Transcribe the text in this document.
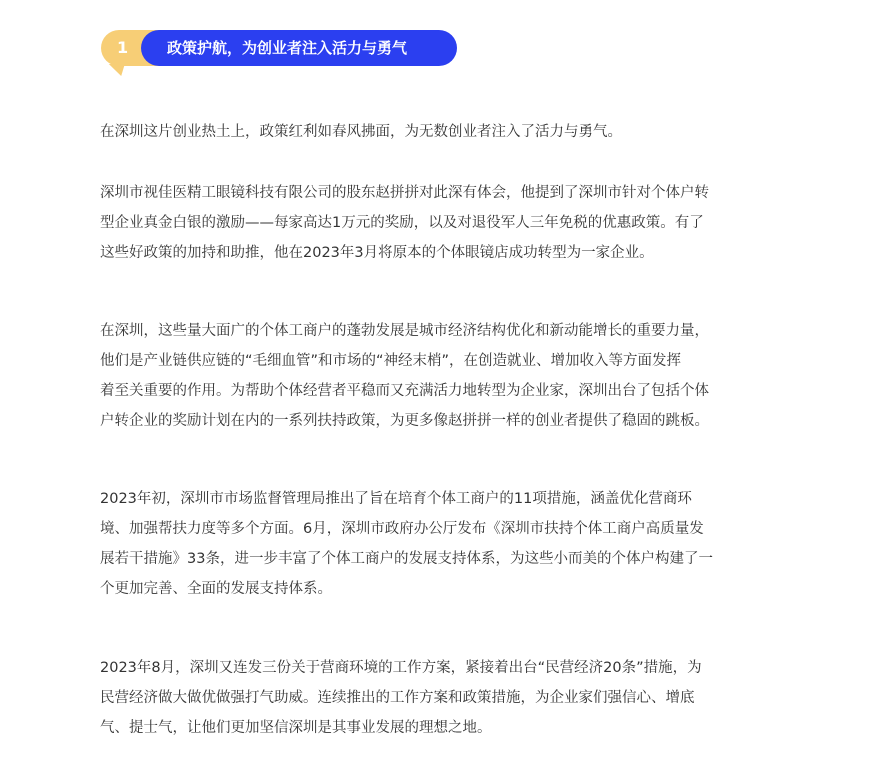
1	政策护航，为创业者注入活力与勇气

在深圳这片创业热土上，政策红利如春风拂面，为无数创业者注入了活力与勇气。

深圳市视佳医精工眼镜科技有限公司的股东赵拼拼对此深有体会，他提到了深圳市针对个体户转
型企业真金白银的激励——每家高达1万元的奖励，以及对退役军人三年免税的优惠政策。有了
这些好政策的加持和助推，他在2023年3月将原本的个体眼镜店成功转型为一家企业。

在深圳，这些量大面广的个体工商户的蓬勃发展是城市经济结构优化和新动能增长的重要力量，
他们是产业链供应链的“毛细血管”和市场的“神经末梢”，在创造就业、增加收入等方面发挥
着至关重要的作用。为帮助个体经营者平稳而又充满活力地转型为企业家，深圳出台了包括个体
户转企业的奖励计划在内的一系列扶持政策，为更多像赵拼拼一样的创业者提供了稳固的跳板。

2023年初，深圳市市场监督管理局推出了旨在培育个体工商户的11项措施，涵盖优化营商环
境、加强帮扶力度等多个方面。6月，深圳市政府办公厅发布《深圳市扶持个体工商户高质量发
展若干措施》33条，进一步丰富了个体工商户的发展支持体系，为这些小而美的个体户构建了一
个更加完善、全面的发展支持体系。

2023年8月，深圳又连发三份关于营商环境的工作方案，紧接着出台“民营经济20条”措施，为
民营经济做大做优做强打气助威。连续推出的工作方案和政策措施，为企业家们强信心、增底
气、提士气，让他们更加坚信深圳是其事业发展的理想之地。
